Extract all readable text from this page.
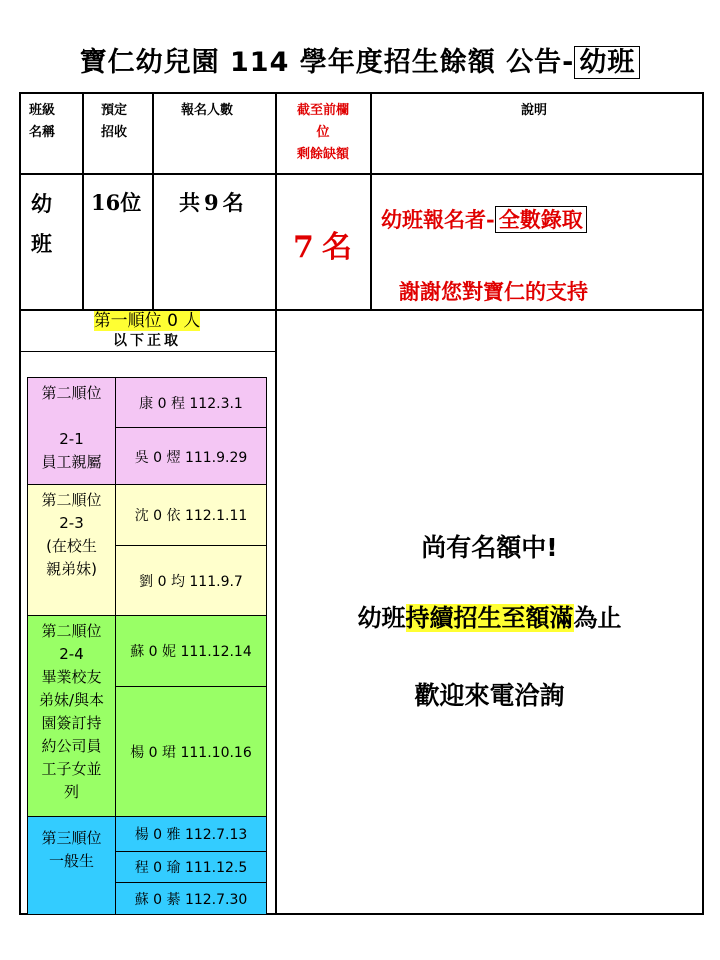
寶仁幼兒園 114 學年度招生餘額 公告- 幼班
班級
名稱
預定
招收
報名人數	截至前欄
位
剩餘缺額
說明
幼
班
16位 共9名
7名
幼班報名者- 全數錄取
謝謝您對寶仁的支持
第一順位 0 人
以下正取
第二順位
2-1
員工親屬
康 0 程 112.3.1
吳 0 熤 111.9.29
第二順位
2-3
(在校生
親弟妹)
沈 0 依 112.1.11
劉 0 均 111.9.7
第二順位
2-4
畢業校友
弟妹/與本
園簽訂持
約公司員
工子女並
列
蘇 0 妮 111.12.14
楊 0 珺 111.10.16
第三順位
一般生
楊 0 雅 112.7.13
程 0 瑜 111.12.5
蘇 0 綦 112.7.30
尚有名額中!
幼班持續招生至額滿為止
歡迎來電洽詢
